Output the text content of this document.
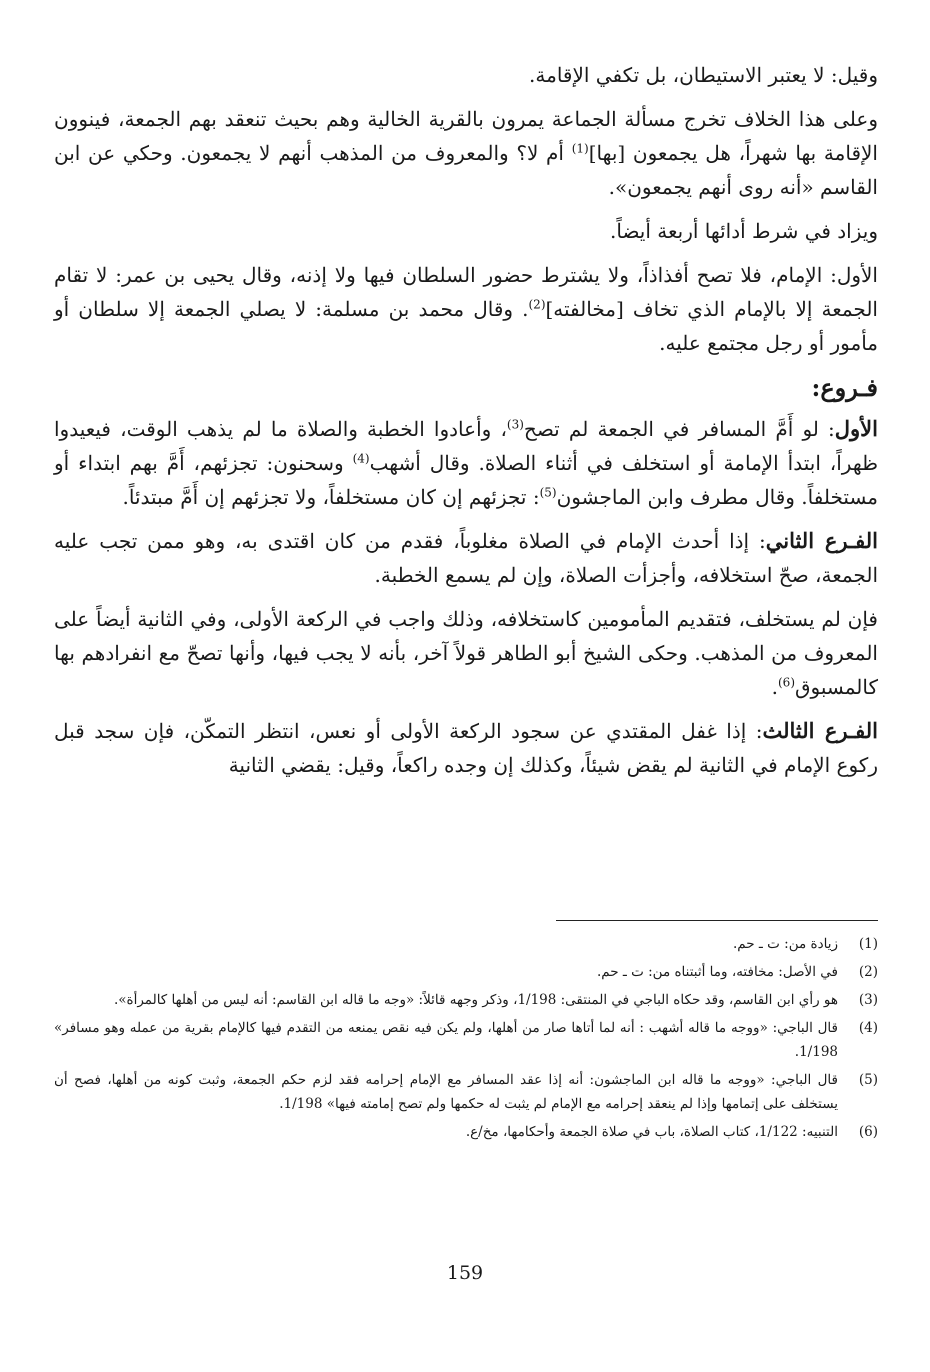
وقيل: لا يعتبر الاستيطان، بل تكفي الإقامة.

وعلى هذا الخلاف تخرج مسألة الجماعة يمرون بالقرية الخالية وهم بحيث تنعقد بهم الجمعة، فينوون الإقامة بها شهراً، هل يجمعون [بها]$^{(1)}$ أم لا؟ والمعروف من المذهب أنهم لا يجمعون. وحكي عن ابن القاسم «أنه روى أنهم يجمعون».

ويزاد في شرط أدائها أربعة أيضاً.

الأول: الإمام، فلا تصح أفذاذاً، ولا يشترط حضور السلطان فيها ولا إذنه، وقال يحيى بن عمر: لا تقام الجمعة إلا بالإمام الذي تخاف [مخالفته]$^{(2)}$. وقال محمد بن مسلمة: لا يصلي الجمعة إلا سلطان أو مأمور أو رجل مجتمع عليه.

فـروع:

الأول: لو أَمَّ المسافر في الجمعة لم تصح$^{(3)}$، وأعادوا الخطبة والصلاة ما لم يذهب الوقت، فيعيدوا ظهراً، ابتدأ الإمامة أو استخلف في أثناء الصلاة. وقال أشهب$^{(4)}$ وسحنون: تجزئهم، أَمَّ بهم ابتداء أو مستخلفاً. وقال مطرف وابن الماجشون$^{(5)}$: تجزئهم إن كان مستخلفاً، ولا تجزئهم إن أَمَّ مبتدئاً.

الفـرع الثاني: إذا أحدث الإمام في الصلاة مغلوباً، فقدم من كان اقتدى به، وهو ممن تجب عليه الجمعة، صحّ استخلافه، وأجزأت الصلاة، وإن لم يسمع الخطبة.

فإن لم يستخلف، فتقديم المأمومين كاستخلافه، وذلك واجب في الركعة الأولى، وفي الثانية أيضاً على المعروف من المذهب. وحكى الشيخ أبو الطاهر قولاً آخر، بأنه لا يجب فيها، وأنها تصحّ مع انفرادهم بها كالمسبوق$^{(6)}$.

الفـرع الثالث: إذا غفل المقتدي عن سجود الركعة الأولى أو نعس، انتظر التمكّن، فإن سجد قبل ركوع الإمام في الثانية لم يقض شيئاً، وكذلك إن وجده راكعاً، وقيل: يقضي الثانية

(1)
زيادة من: ت ـ حم.
(2)
في الأصل: مخافته، وما أثبتناه من: ت ـ حم.
(3)
هو رأي ابن القاسم، وقد حكاه الباجي في المنتقى: 1/198، وذكر وجهه قائلاً: «وجه ما قاله ابن القاسم: أنه ليس من أهلها كالمرأة».
(4)
قال الباجي: «ووجه ما قاله أشهب : أنه لما أتاها صار من أهلها، ولم يكن فيه نقص يمنعه من التقدم فيها كالإمام بقرية من عمله وهو مسافر» 1/198.
(5)
قال الباجي: «ووجه ما قاله ابن الماجشون: أنه إذا عقد المسافر مع الإمام إحرامه فقد لزم حكم الجمعة، وثبت كونه من أهلها، فصح أن يستخلف على إتمامها وإذا لم ينعقد إحرامه مع الإمام لم يثبت له حكمها ولم تصح إمامته فيها» 1/198.
(6)
التنبيه: 1/122، كتاب الصلاة، باب في صلاة الجمعة وأحكامها، مخ/ع.
159
